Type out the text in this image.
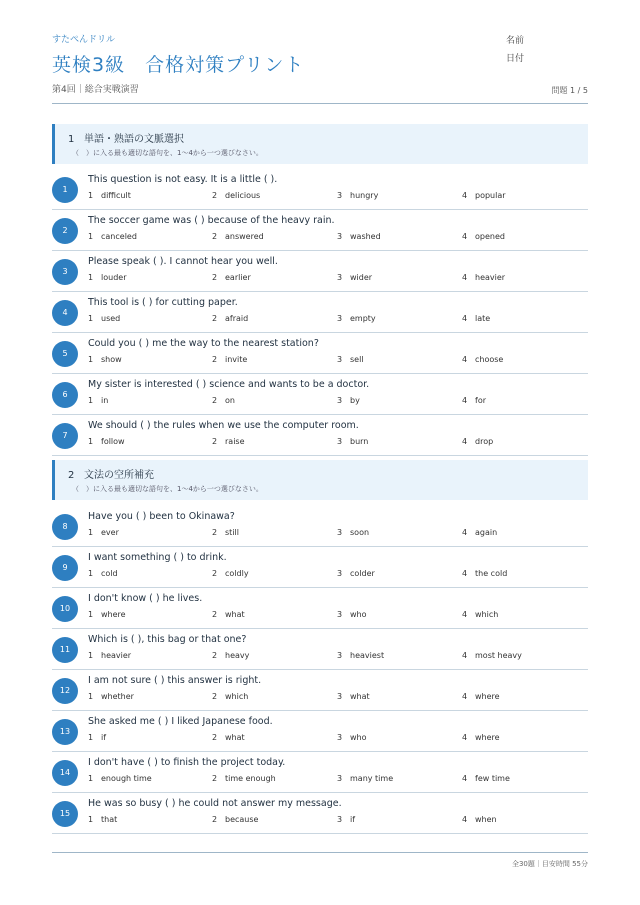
すたぺんドリル
英検3級　合格対策プリント
第4回｜総合実戦演習
名前
日付
問題 1 / 5
1 単語・熟語の文脈選択
（　）に入る最も適切な語句を、1〜4から一つ選びなさい。
1
This question is not easy. It is a little ( ).
1 difficult	2 delicious	3 hungry	4 popular
2
The soccer game was ( ) because of the heavy rain.
1 canceled	2 answered	3 washed	4 opened
3
Please speak ( ). I cannot hear you well.
1 louder	2 earlier	3 wider	4 heavier
4
This tool is ( ) for cutting paper.
1 used	2 afraid	3 empty	4 late
5
Could you ( ) me the way to the nearest station?
1 show	2 invite	3 sell	4 choose
6
My sister is interested ( ) science and wants to be a doctor.
1 in	2 on	3 by	4 for
7
We should ( ) the rules when we use the computer room.
1 follow	2 raise	3 burn	4 drop
2 文法の空所補充
（　）に入る最も適切な語句を、1〜4から一つ選びなさい。
8
Have you ( ) been to Okinawa?
1 ever	2 still	3 soon	4 again
9
I want something ( ) to drink.
1 cold	2 coldly	3 colder	4 the cold
10
I don't know ( ) he lives.
1 where	2 what	3 who	4 which
11
Which is ( ), this bag or that one?
1 heavier	2 heavy	3 heaviest	4 most heavy
12
I am not sure ( ) this answer is right.
1 whether	2 which	3 what	4 where
13
She asked me ( ) I liked Japanese food.
1 if	2 what	3 who	4 where
14
I don't have ( ) to finish the project today.
1 enough time	2 time enough	3 many time	4 few time
15
He was so busy ( ) he could not answer my message.
1 that	2 because	3 if	4 when
全30題｜目安時間 55分
